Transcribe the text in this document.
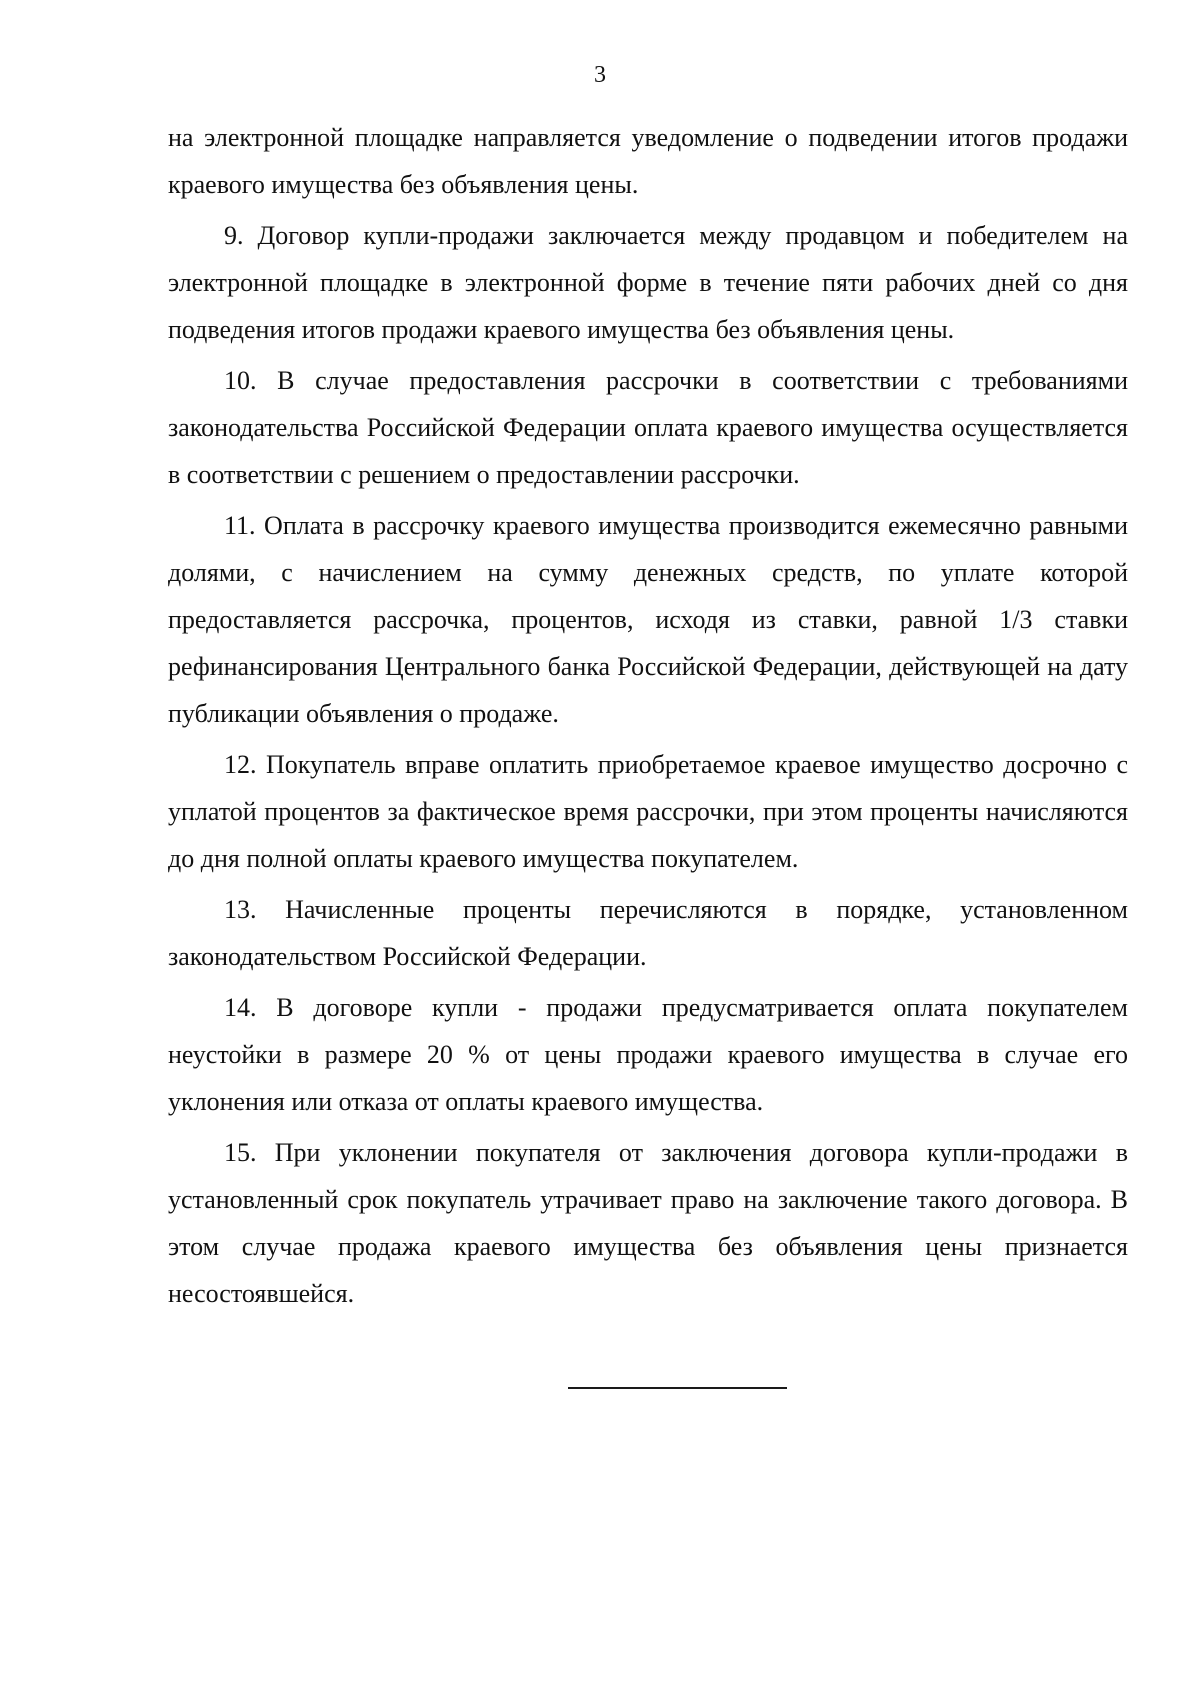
3

на электронной площадке направляется уведомление о подведении итогов продажи краевого имущества без объявления цены.

9. Договор купли-продажи заключается между продавцом и победителем на электронной площадке в электронной форме в течение пяти рабочих дней со дня подведения итогов продажи краевого имущества без объявления цены.

10. В случае предоставления рассрочки в соответствии с требованиями законодательства Российской Федерации оплата краевого имущества осуществляется в соответствии с решением о предоставлении рассрочки.

11. Оплата в рассрочку краевого имущества производится ежемесячно равными долями, с начислением на сумму денежных средств, по уплате которой предоставляется рассрочка, процентов, исходя из ставки, равной 1/3 ставки рефинансирования Центрального банка Российской Федерации, действующей на дату публикации объявления о продаже.

12. Покупатель вправе оплатить приобретаемое краевое имущество досрочно с уплатой процентов за фактическое время рассрочки, при этом проценты начисляются до дня полной оплаты краевого имущества покупателем.

13. Начисленные проценты перечисляются в порядке, установленном законодательством Российской Федерации.

14. В договоре купли - продажи предусматривается оплата покупателем неустойки в размере 20 % от цены продажи краевого имущества в случае его уклонения или отказа от оплаты краевого имущества.

15. При уклонении покупателя от заключения договора купли-продажи в установленный срок покупатель утрачивает право на заключение такого договора. В этом случае продажа краевого имущества без объявления цены признается несостоявшейся.
